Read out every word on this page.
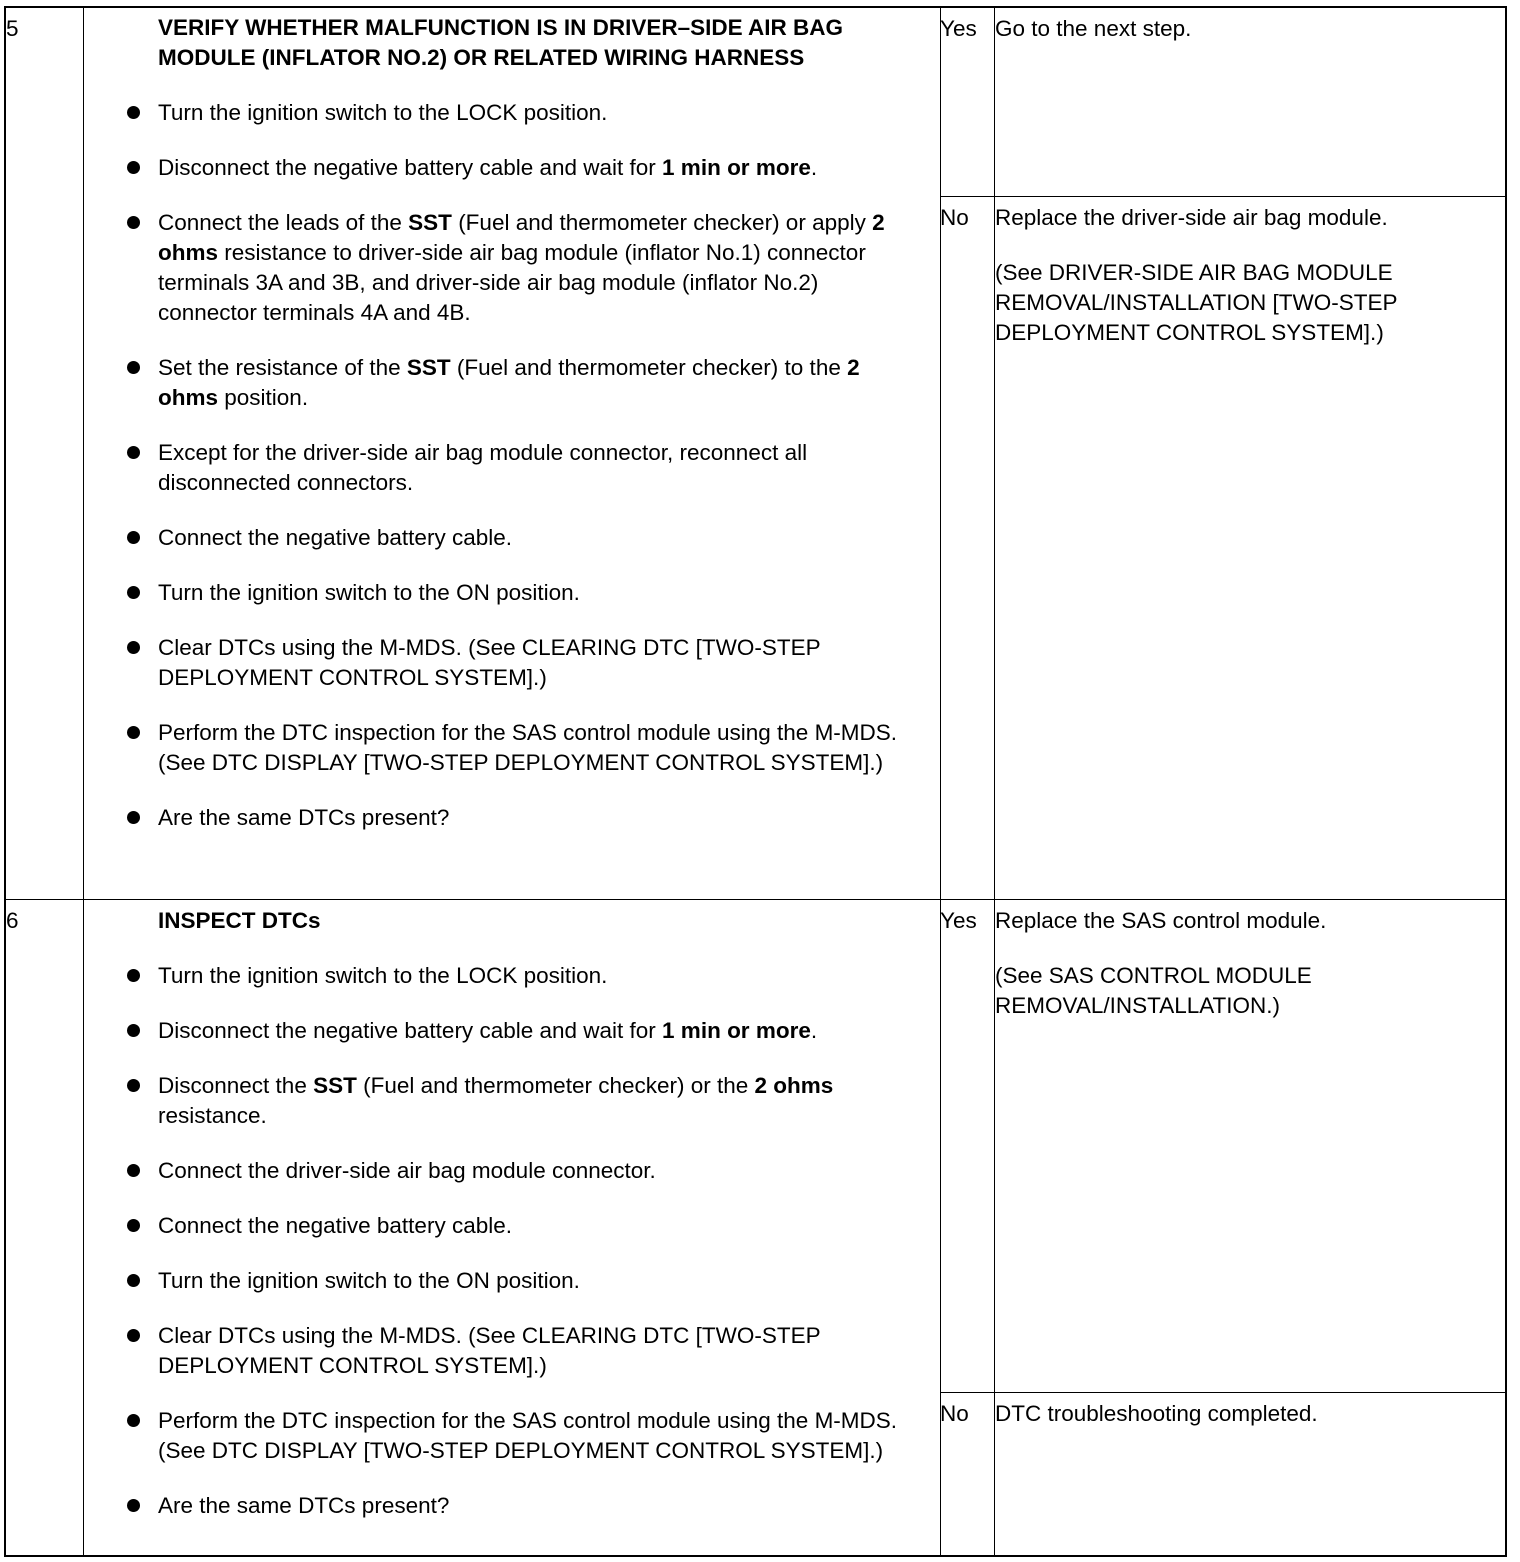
5	VERIFY WHETHER MALFUNCTION IS IN DRIVER–SIDE AIR BAG MODULE (INFLATOR NO.2) OR RELATED WIRING HARNESS

Turn the ignition switch to the LOCK position.
Disconnect the negative battery cable and wait for 1 min or more.
Connect the leads of the SST (Fuel and thermometer checker) or apply 2 ohms resistance to driver-side air bag module (inflator No.1) connector terminals 3A and 3B, and driver-side air bag module (inflator No.2) connector terminals 4A and 4B.
Set the resistance of the SST (Fuel and thermometer checker) to the 2 ohms position.
Except for the driver-side air bag module connector, reconnect all disconnected connectors.
Connect the negative battery cable.
Turn the ignition switch to the ON position.
Clear DTCs using the M-MDS. (See CLEARING DTC [TWO-STEP DEPLOYMENT CONTROL SYSTEM].)
Perform the DTC inspection for the SAS control module using the M-MDS. (See DTC DISPLAY [TWO-STEP DEPLOYMENT CONTROL SYSTEM].)
Are the same DTCs present?
Yes Go to the next step.

No Replace the driver-side air bag module.

(See DRIVER-SIDE AIR BAG MODULE REMOVAL/INSTALLATION [TWO-STEP DEPLOYMENT CONTROL SYSTEM].)

6	INSPECT DTCs

Turn the ignition switch to the LOCK position.
Disconnect the negative battery cable and wait for 1 min or more.
Disconnect the SST (Fuel and thermometer checker) or the 2 ohms resistance.
Connect the driver-side air bag module connector.
Connect the negative battery cable.
Turn the ignition switch to the ON position.
Clear DTCs using the M-MDS. (See CLEARING DTC [TWO-STEP DEPLOYMENT CONTROL SYSTEM].)
Perform the DTC inspection for the SAS control module using the M-MDS. (See DTC DISPLAY [TWO-STEP DEPLOYMENT CONTROL SYSTEM].)
Are the same DTCs present?
Yes Replace the SAS control module.

(See SAS CONTROL MODULE REMOVAL/INSTALLATION.)

No DTC troubleshooting completed.
